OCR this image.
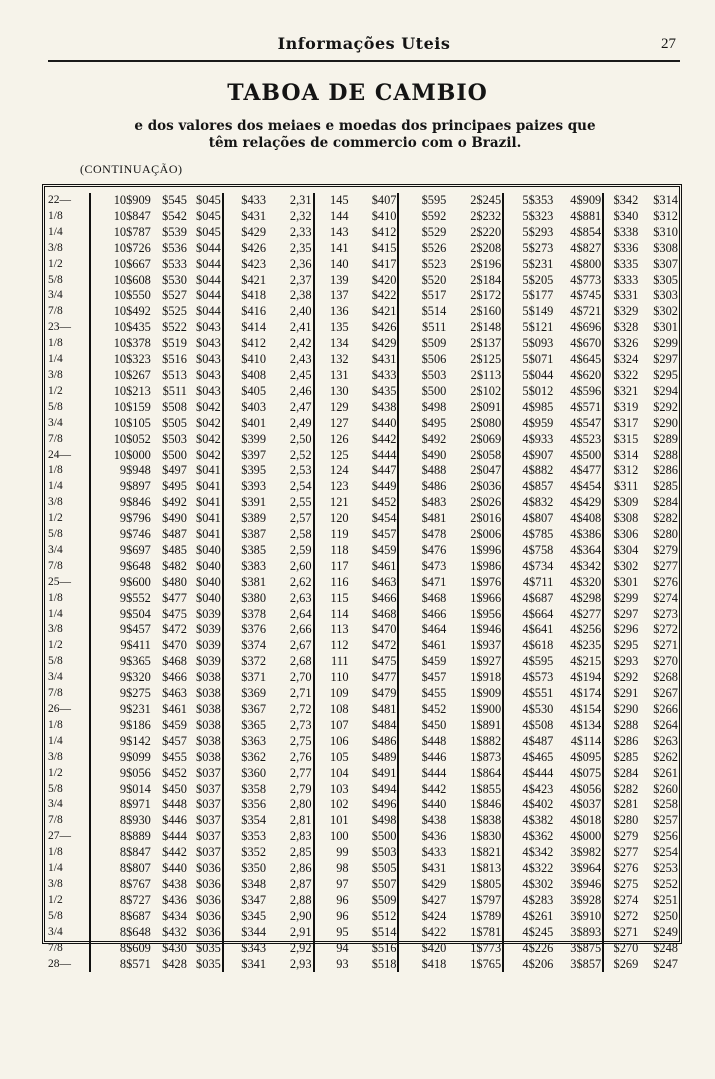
Informações Uteis	27
TABOA DE CAMBIO
e dos valores dos meiaes e moedas dos principaes paizes que
têm relações de commercio com o Brazil.
(CONTINUAÇÃO)
22—	10$909	$545	$045	$433	2,31	145	$407	$595	2$245	5$353	4$909	$342	$314
1/8	10$847	$542	$045	$431	2,32	144	$410	$592	2$232	5$323	4$881	$340	$312
1/4	10$787	$539	$045	$429	2,33	143	$412	$529	2$220	5$293	4$854	$338	$310
3/8	10$726	$536	$044	$426	2,35	141	$415	$526	2$208	5$273	4$827	$336	$308
1/2	10$667	$533	$044	$423	2,36	140	$417	$523	2$196	5$231	4$800	$335	$307
5/8	10$608	$530	$044	$421	2,37	139	$420	$520	2$184	5$205	4$773	$333	$305
3/4	10$550	$527	$044	$418	2,38	137	$422	$517	2$172	5$177	4$745	$331	$303
7/8	10$492	$525	$044	$416	2,40	136	$421	$514	2$160	5$149	4$721	$329	$302
23—	10$435	$522	$043	$414	2,41	135	$426	$511	2$148	5$121	4$696	$328	$301
1/8	10$378	$519	$043	$412	2,42	134	$429	$509	2$137	5$093	4$670	$326	$299
1/4	10$323	$516	$043	$410	2,43	132	$431	$506	2$125	5$071	4$645	$324	$297
3/8	10$267	$513	$043	$408	2,45	131	$433	$503	2$113	5$044	4$620	$322	$295
1/2	10$213	$511	$043	$405	2,46	130	$435	$500	2$102	5$012	4$596	$321	$294
5/8	10$159	$508	$042	$403	2,47	129	$438	$498	2$091	4$985	4$571	$319	$292
3/4	10$105	$505	$042	$401	2,49	127	$440	$495	2$080	4$959	4$547	$317	$290
7/8	10$052	$503	$042	$399	2,50	126	$442	$492	2$069	4$933	4$523	$315	$289
24—	10$000	$500	$042	$397	2,52	125	$444	$490	2$058	4$907	4$500	$314	$288
1/8	9$948	$497	$041	$395	2,53	124	$447	$488	2$047	4$882	4$477	$312	$286
1/4	9$897	$495	$041	$393	2,54	123	$449	$486	2$036	4$857	4$454	$311	$285
3/8	9$846	$492	$041	$391	2,55	121	$452	$483	2$026	4$832	4$429	$309	$284
1/2	9$796	$490	$041	$389	2,57	120	$454	$481	2$016	4$807	4$408	$308	$282
5/8	9$746	$487	$041	$387	2,58	119	$457	$478	2$006	4$785	4$386	$306	$280
3/4	9$697	$485	$040	$385	2,59	118	$459	$476	1$996	4$758	4$364	$304	$279
7/8	9$648	$482	$040	$383	2,60	117	$461	$473	1$986	4$734	4$342	$302	$277
25—	9$600	$480	$040	$381	2,62	116	$463	$471	1$976	4$711	4$320	$301	$276
1/8	9$552	$477	$040	$380	2,63	115	$466	$468	1$966	4$687	4$298	$299	$274
1/4	9$504	$475	$039	$378	2,64	114	$468	$466	1$956	4$664	4$277	$297	$273
3/8	9$457	$472	$039	$376	2,66	113	$470	$464	1$946	4$641	4$256	$296	$272
1/2	9$411	$470	$039	$374	2,67	112	$472	$461	1$937	4$618	4$235	$295	$271
5/8	9$365	$468	$039	$372	2,68	111	$475	$459	1$927	4$595	4$215	$293	$270
3/4	9$320	$466	$038	$371	2,70	110	$477	$457	1$918	4$573	4$194	$292	$268
7/8	9$275	$463	$038	$369	2,71	109	$479	$455	1$909	4$551	4$174	$291	$267
26—	9$231	$461	$038	$367	2,72	108	$481	$452	1$900	4$530	4$154	$290	$266
1/8	9$186	$459	$038	$365	2,73	107	$484	$450	1$891	4$508	4$134	$288	$264
1/4	9$142	$457	$038	$363	2,75	106	$486	$448	1$882	4$487	4$114	$286	$263
3/8	9$099	$455	$038	$362	2,76	105	$489	$446	1$873	4$465	4$095	$285	$262
1/2	9$056	$452	$037	$360	2,77	104	$491	$444	1$864	4$444	4$075	$284	$261
5/8	9$014	$450	$037	$358	2,79	103	$494	$442	1$855	4$423	4$056	$282	$260
3/4	8$971	$448	$037	$356	2,80	102	$496	$440	1$846	4$402	4$037	$281	$258
7/8	8$930	$446	$037	$354	2,81	101	$498	$438	1$838	4$382	4$018	$280	$257
27—	8$889	$444	$037	$353	2,83	100	$500	$436	1$830	4$362	4$000	$279	$256
1/8	8$847	$442	$037	$352	2,85	99	$503	$433	1$821	4$342	3$982	$277	$254
1/4	8$807	$440	$036	$350	2,86	98	$505	$431	1$813	4$322	3$964	$276	$253
3/8	8$767	$438	$036	$348	2,87	97	$507	$429	1$805	4$302	3$946	$275	$252
1/2	8$727	$436	$036	$347	2,88	96	$509	$427	1$797	4$283	3$928	$274	$251
5/8	8$687	$434	$036	$345	2,90	96	$512	$424	1$789	4$261	3$910	$272	$250
3/4	8$648	$432	$036	$344	2,91	95	$514	$422	1$781	4$245	3$893	$271	$249
7/8	8$609	$430	$035	$343	2,92	94	$516	$420	1$773	4$226	3$875	$270	$248
28—	8$571	$428	$035	$341	2,93	93	$518	$418	1$765	4$206	3$857	$269	$247
